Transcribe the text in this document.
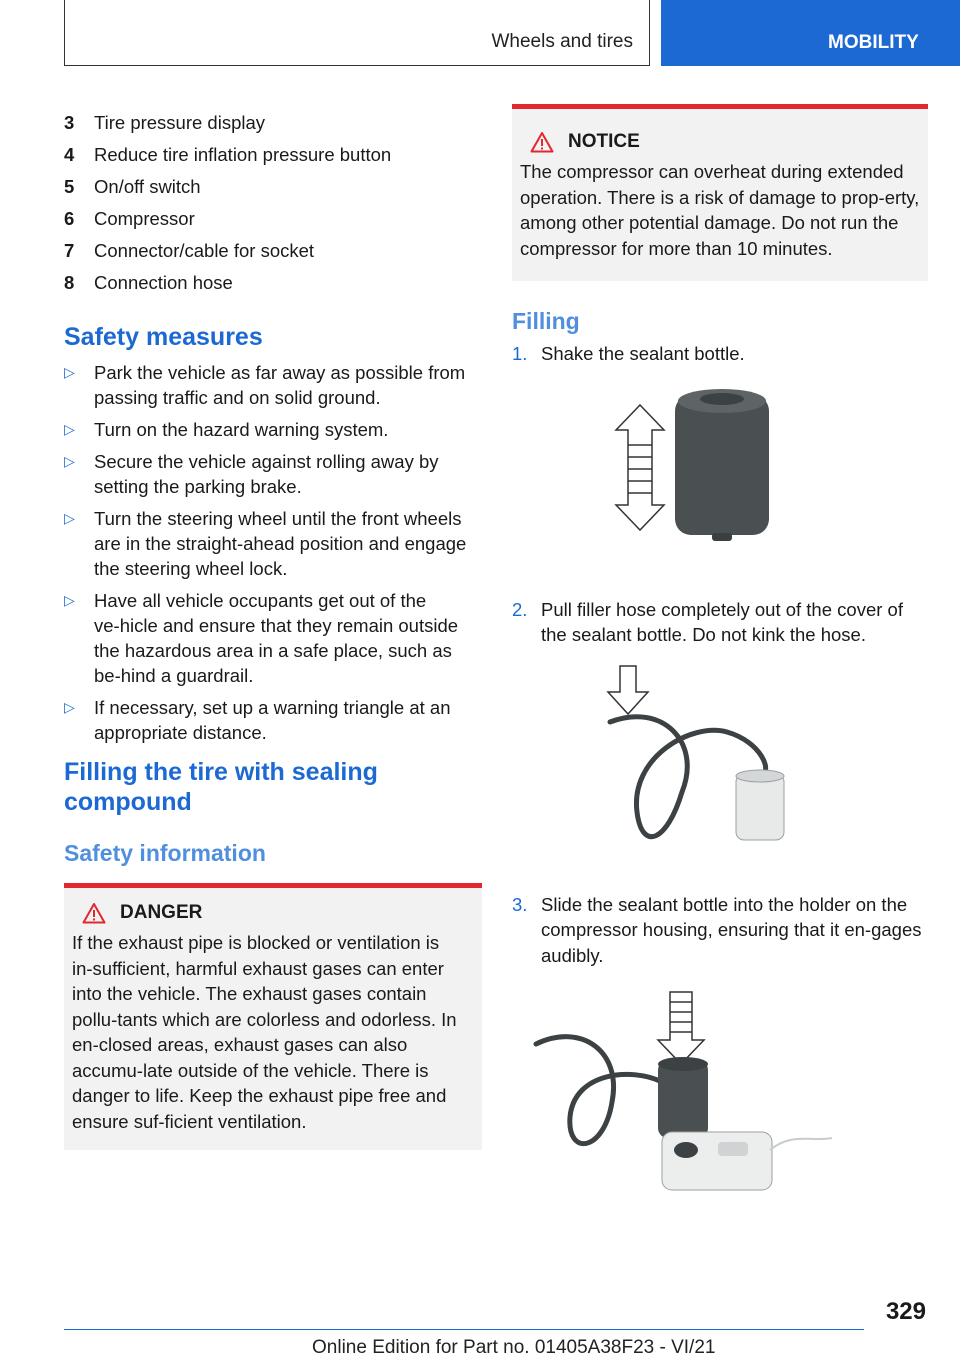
Wheels and tires	MOBILITY
3	Tire pressure display
4	Reduce tire inflation pressure button
5	On/off switch
6	Compressor
7	Connector/cable for socket
8	Connection hose
Safety measures
▷ Park the vehicle as far away as possible from passing traffic and on solid ground.
▷ Turn on the hazard warning system.
▷ Secure the vehicle against rolling away by setting the parking brake.
▷ Turn the steering wheel until the front wheels are in the straight-ahead position and engage the steering wheel lock.
▷ Have all vehicle occupants get out of the ve‑hicle and ensure that they remain outside the hazardous area in a safe place, such as be‑hind a guardrail.
▷ If necessary, set up a warning triangle at an appropriate distance.
Filling the tire with sealing compound
Safety information
DANGER

If the exhaust pipe is blocked or ventilation is in‑sufficient, harmful exhaust gases can enter into the vehicle. The exhaust gases contain pollu‑tants which are colorless and odorless. In en‑closed areas, exhaust gases can also accumu‑late outside of the vehicle. There is danger to life. Keep the exhaust pipe free and ensure suf‑ficient ventilation.

NOTICE

The compressor can overheat during extended operation. There is a risk of damage to prop‑erty, among other potential damage. Do not run the compressor for more than 10 minutes.

Filling
1. Shake the sealant bottle.
2. Pull filler hose completely out of the cover of the sealant bottle. Do not kink the hose.
3. Slide the sealant bottle into the holder on the compressor housing, ensuring that it en‑gages audibly.
329
Online Edition for Part no. 01405A38F23 - VI/21
